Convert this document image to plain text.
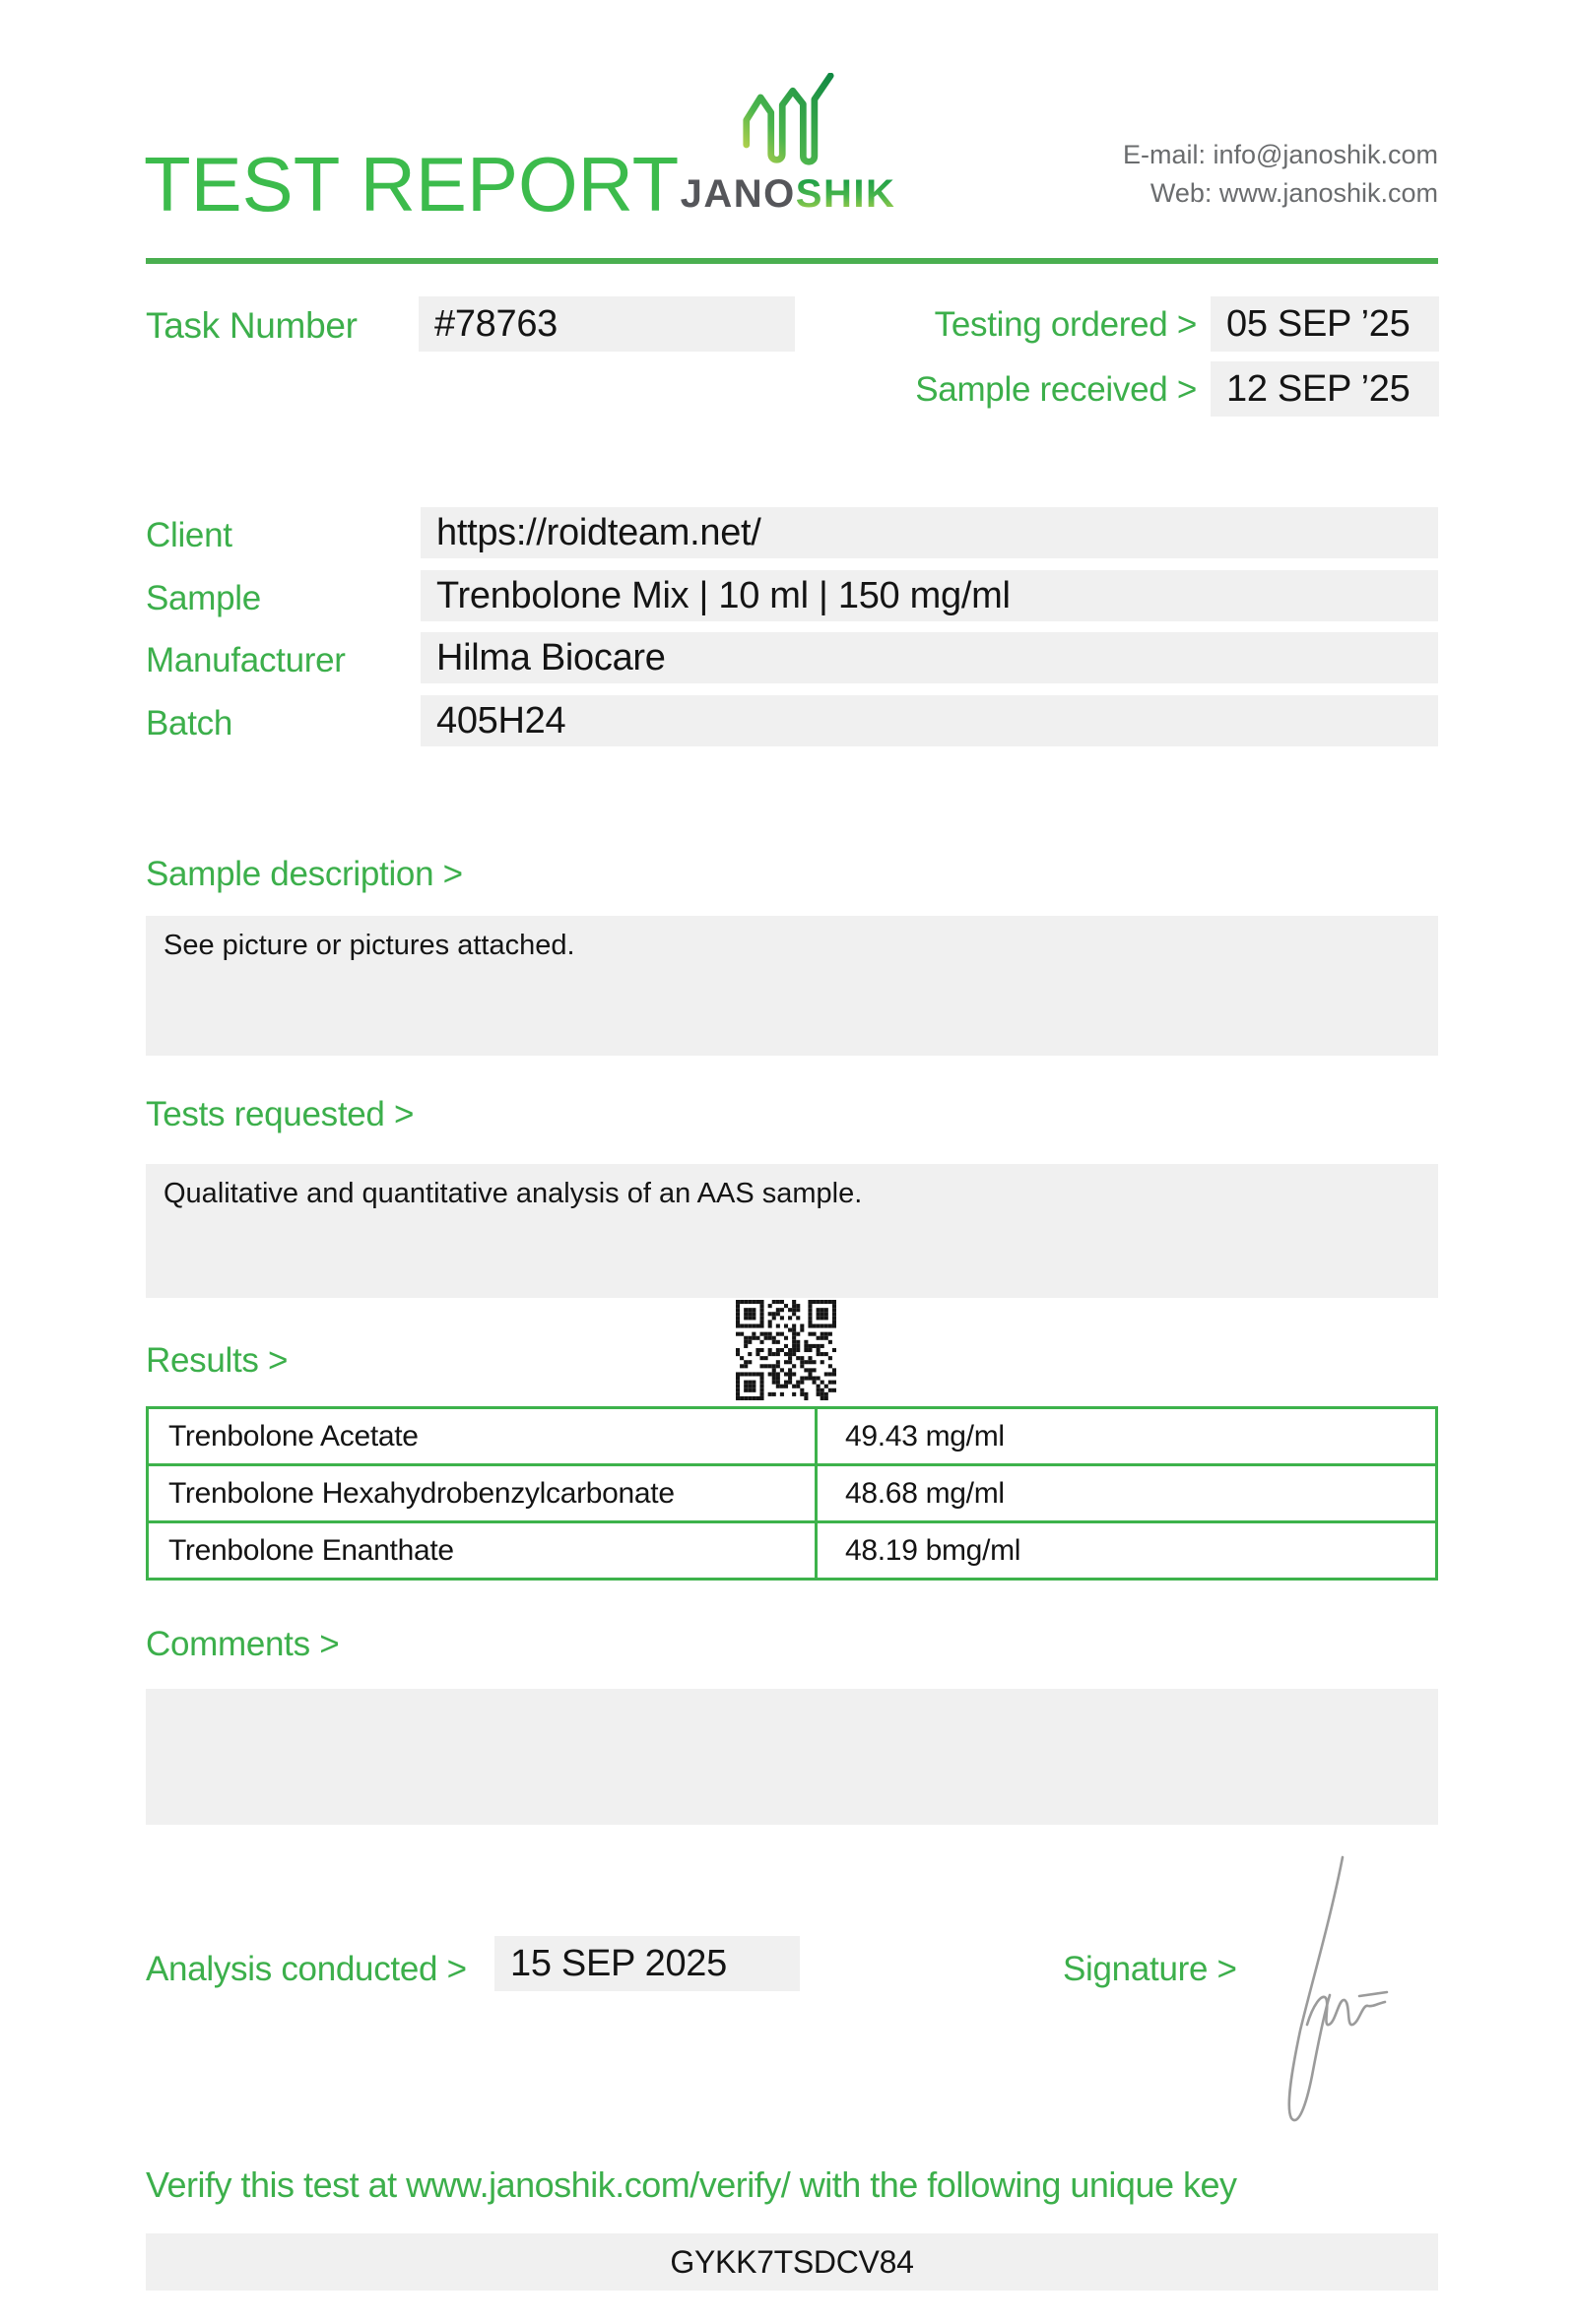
TEST REPORT JANOSHIK
E-mail: info@janoshik.com
Web: www.janoshik.com
Task Number	#78763	Testing ordered > 05 SEP ’25
Sample received > 12 SEP ’25
Client	https://roidteam.net/
Sample	Trenbolone Mix | 10 ml | 150 mg/ml
Manufacturer	Hilma Biocare
Batch	405H24
Sample description >
See picture or pictures attached.
Tests requested >
Qualitative and quantitative analysis of an AAS sample.
Results >
Trenbolone Acetate	49.43 mg/ml
Trenbolone Hexahydrobenzylcarbonate	48.68 mg/ml
Trenbolone Enanthate	48.19 bmg/ml
Comments >
Analysis conducted >	15 SEP 2025	Signature >
Verify this test at www.janoshik.com/verify/ with the following unique key
GYKK7TSDCV84
